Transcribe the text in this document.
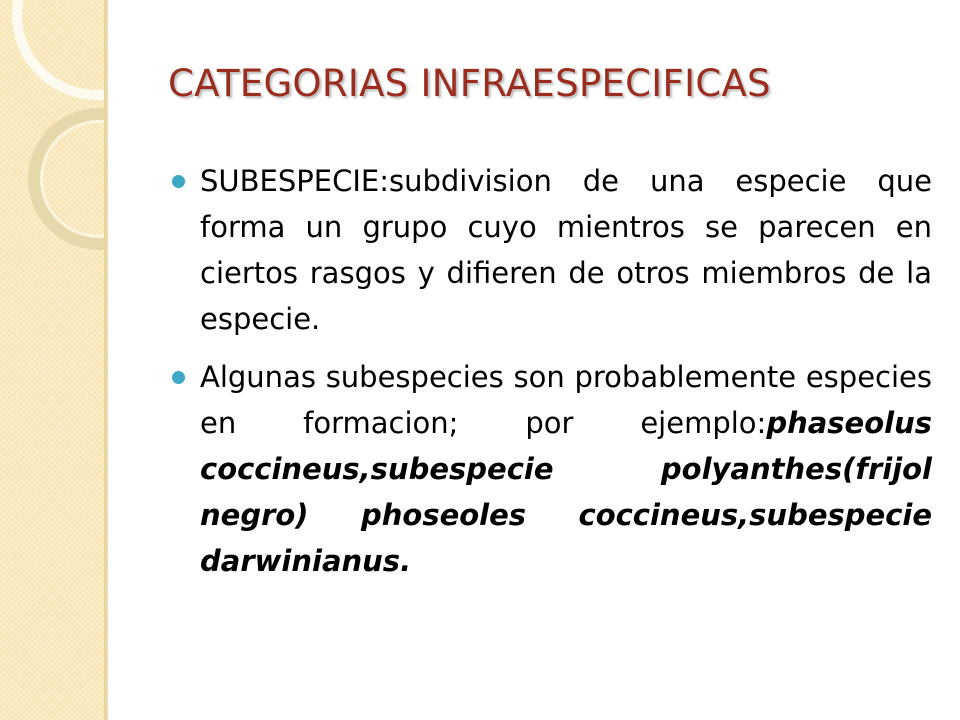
CATEGORIAS INFRAESPECIFICAS
SUBESPECIE:subdivision de una especie que forma un grupo cuyo mientros se parecen en ciertos rasgos y difieren de otros miembros de la especie.
Algunas subespecies son probablemente especies en formacion; por ejemplo:phaseolus coccineus,subespecie polyanthes(frijol negro) phoseoles coccineus,subespecie darwinianus.
